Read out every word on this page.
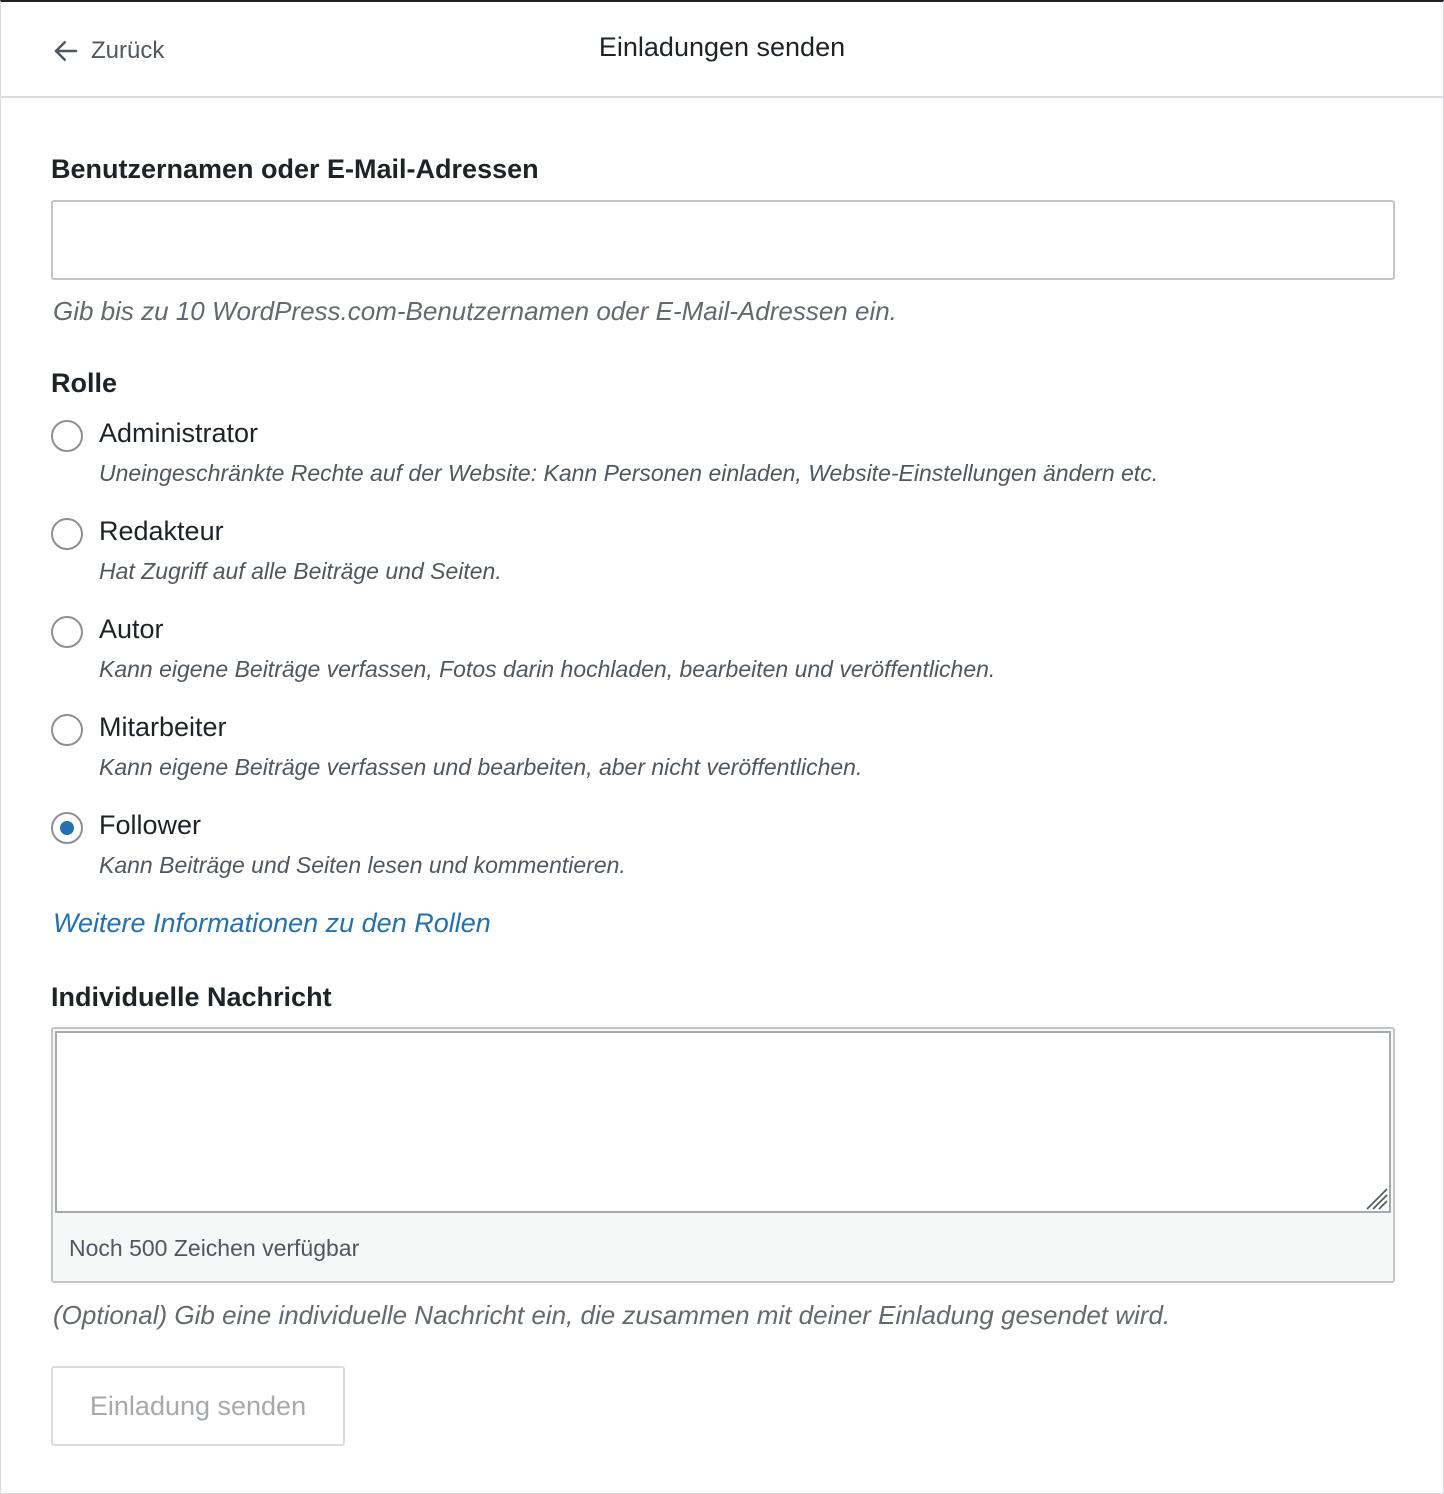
Zurück	Einladungen senden
Benutzernamen oder E-Mail-Adressen
Gib bis zu 10 WordPress.com-Benutzernamen oder E-Mail-Adressen ein.
Rolle
Administrator
Uneingeschränkte Rechte auf der Website: Kann Personen einladen, Website-Einstellungen ändern etc.
Redakteur
Hat Zugriff auf alle Beiträge und Seiten.
Autor
Kann eigene Beiträge verfassen, Fotos darin hochladen, bearbeiten und veröffentlichen.
Mitarbeiter
Kann eigene Beiträge verfassen und bearbeiten, aber nicht veröffentlichen.
Follower
Kann Beiträge und Seiten lesen und kommentieren.
Weitere Informationen zu den Rollen
Individuelle Nachricht
Noch 500 Zeichen verfügbar
(Optional) Gib eine individuelle Nachricht ein, die zusammen mit deiner Einladung gesendet wird.
Einladung senden
